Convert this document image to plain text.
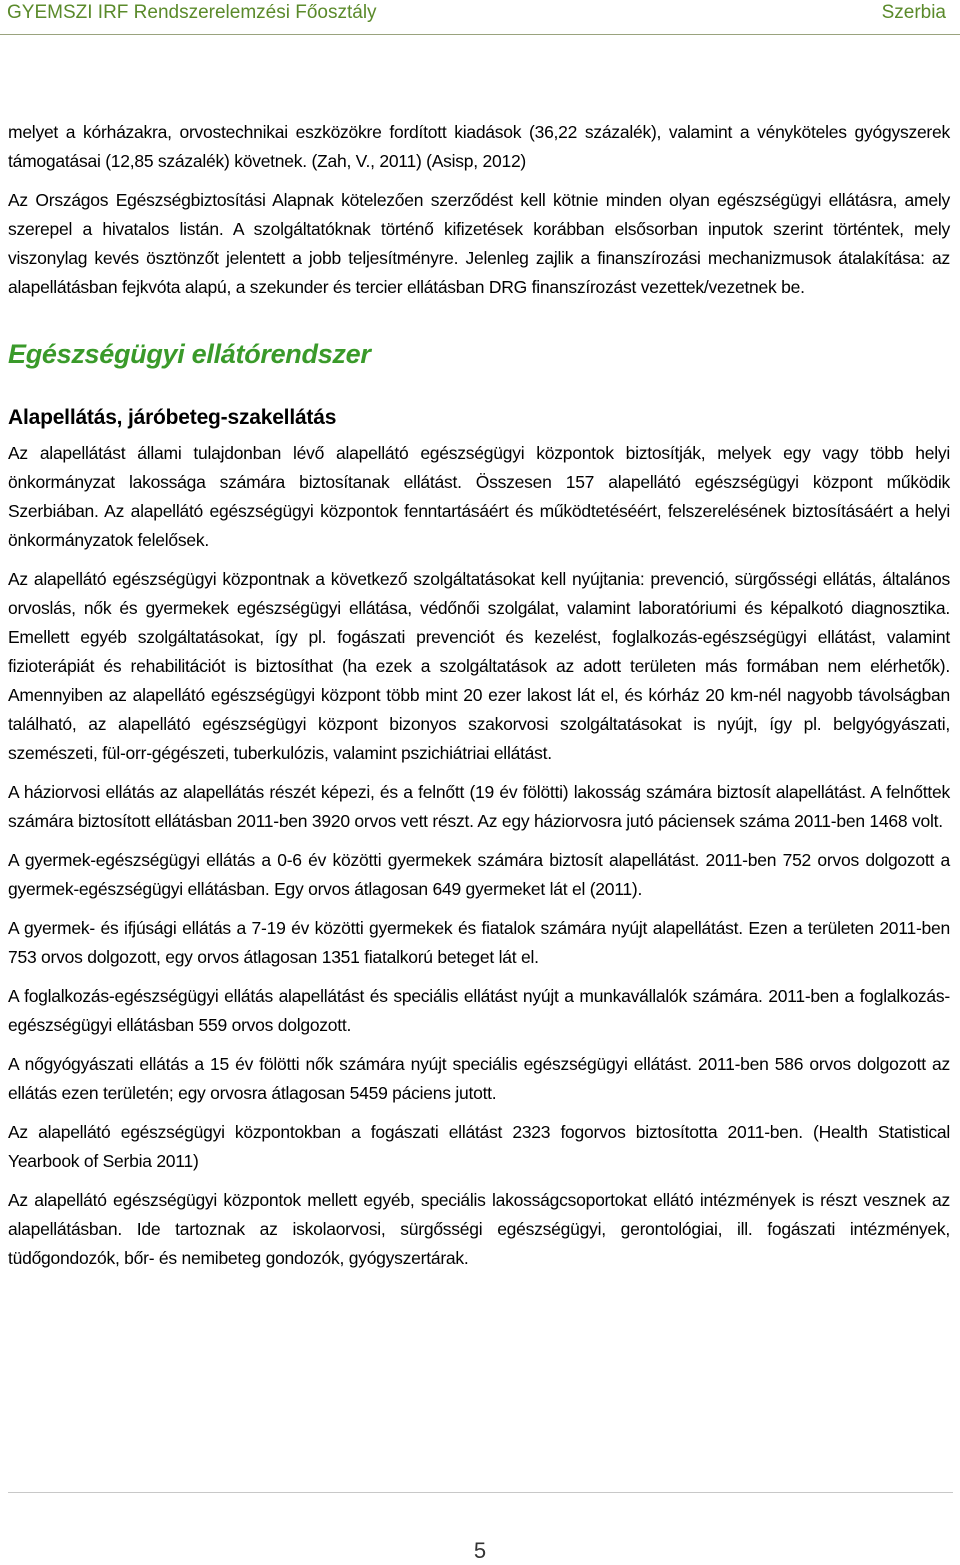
GYEMSZI IRF Rendszerelemzési Főosztály	Szerbia

melyet a kórházakra, orvostechnikai eszközökre fordított kiadások (36,22 százalék), valamint a vényköteles gyógyszerek támogatásai (12,85 százalék) követnek. (Zah, V., 2011) (Asisp, 2012)

Az Országos Egészségbiztosítási Alapnak kötelezően szerződést kell kötnie minden olyan egészségügyi ellátásra, amely szerepel a hivatalos listán. A szolgáltatóknak történő kifizetések korábban elsősorban inputok szerint történtek, mely viszonylag kevés ösztönzőt jelentett a jobb teljesítményre. Jelenleg zajlik a finanszírozási mechanizmusok átalakítása: az alapellátásban fejkvóta alapú, a szekunder és tercier ellátásban DRG finanszírozást vezettek/vezetnek be.

Egészségügyi ellátórendszer
Alapellátás, járóbeteg-szakellátás

Az alapellátást állami tulajdonban lévő alapellátó egészségügyi központok biztosítják, melyek egy vagy több helyi önkormányzat lakossága számára biztosítanak ellátást. Összesen 157 alapellátó egészségügyi központ működik Szerbiában. Az alapellátó egészségügyi központok fenntartásáért és működtetéséért, felszerelésének biztosításáért a helyi önkormányzatok felelősek.

Az alapellátó egészségügyi központnak a következő szolgáltatásokat kell nyújtania: prevenció, sürgősségi ellátás, általános orvoslás, nők és gyermekek egészségügyi ellátása, védőnői szolgálat, valamint laboratóriumi és képalkotó diagnosztika. Emellett egyéb szolgáltatásokat, így pl. fogászati prevenciót és kezelést, foglalkozás-egészségügyi ellátást, valamint fizioterápiát és rehabilitációt is biztosíthat (ha ezek a szolgáltatások az adott területen más formában nem elérhetők). Amennyiben az alapellátó egészségügyi központ több mint 20 ezer lakost lát el, és kórház 20 km-nél nagyobb távolságban található, az alapellátó egészségügyi központ bizonyos szakorvosi szolgáltatásokat is nyújt, így pl. belgyógyászati, szemészeti, fül-orr-gégészeti, tuberkulózis, valamint pszichiátriai ellátást.

A háziorvosi ellátás az alapellátás részét képezi, és a felnőtt (19 év fölötti) lakosság számára biztosít alapellátást. A felnőttek számára biztosított ellátásban 2011-ben 3920 orvos vett részt. Az egy háziorvosra jutó páciensek száma 2011-ben 1468 volt.

A gyermek-egészségügyi ellátás a 0-6 év közötti gyermekek számára biztosít alapellátást. 2011-ben 752 orvos dolgozott a gyermek-egészségügyi ellátásban. Egy orvos átlagosan 649 gyermeket lát el (2011).

A gyermek- és ifjúsági ellátás a 7-19 év közötti gyermekek és fiatalok számára nyújt alapellátást. Ezen a területen 2011-ben 753 orvos dolgozott, egy orvos átlagosan 1351 fiatalkorú beteget lát el.

A foglalkozás-egészségügyi ellátás alapellátást és speciális ellátást nyújt a munkavállalók számára. 2011-ben a foglalkozás-egészségügyi ellátásban 559 orvos dolgozott.

A nőgyógyászati ellátás a 15 év fölötti nők számára nyújt speciális egészségügyi ellátást. 2011-ben 586 orvos dolgozott az ellátás ezen területén; egy orvosra átlagosan 5459 páciens jutott.

Az alapellátó egészségügyi központokban a fogászati ellátást 2323 fogorvos biztosította 2011-ben. (Health Statistical Yearbook of Serbia 2011)

Az alapellátó egészségügyi központok mellett egyéb, speciális lakosságcsoportokat ellátó intézmények is részt vesznek az alapellátásban. Ide tartoznak az iskolaorvosi, sürgősségi egészségügyi, gerontológiai, ill. fogászati intézmények, tüdőgondozók, bőr- és nemibeteg gondozók, gyógyszertárak.

5
